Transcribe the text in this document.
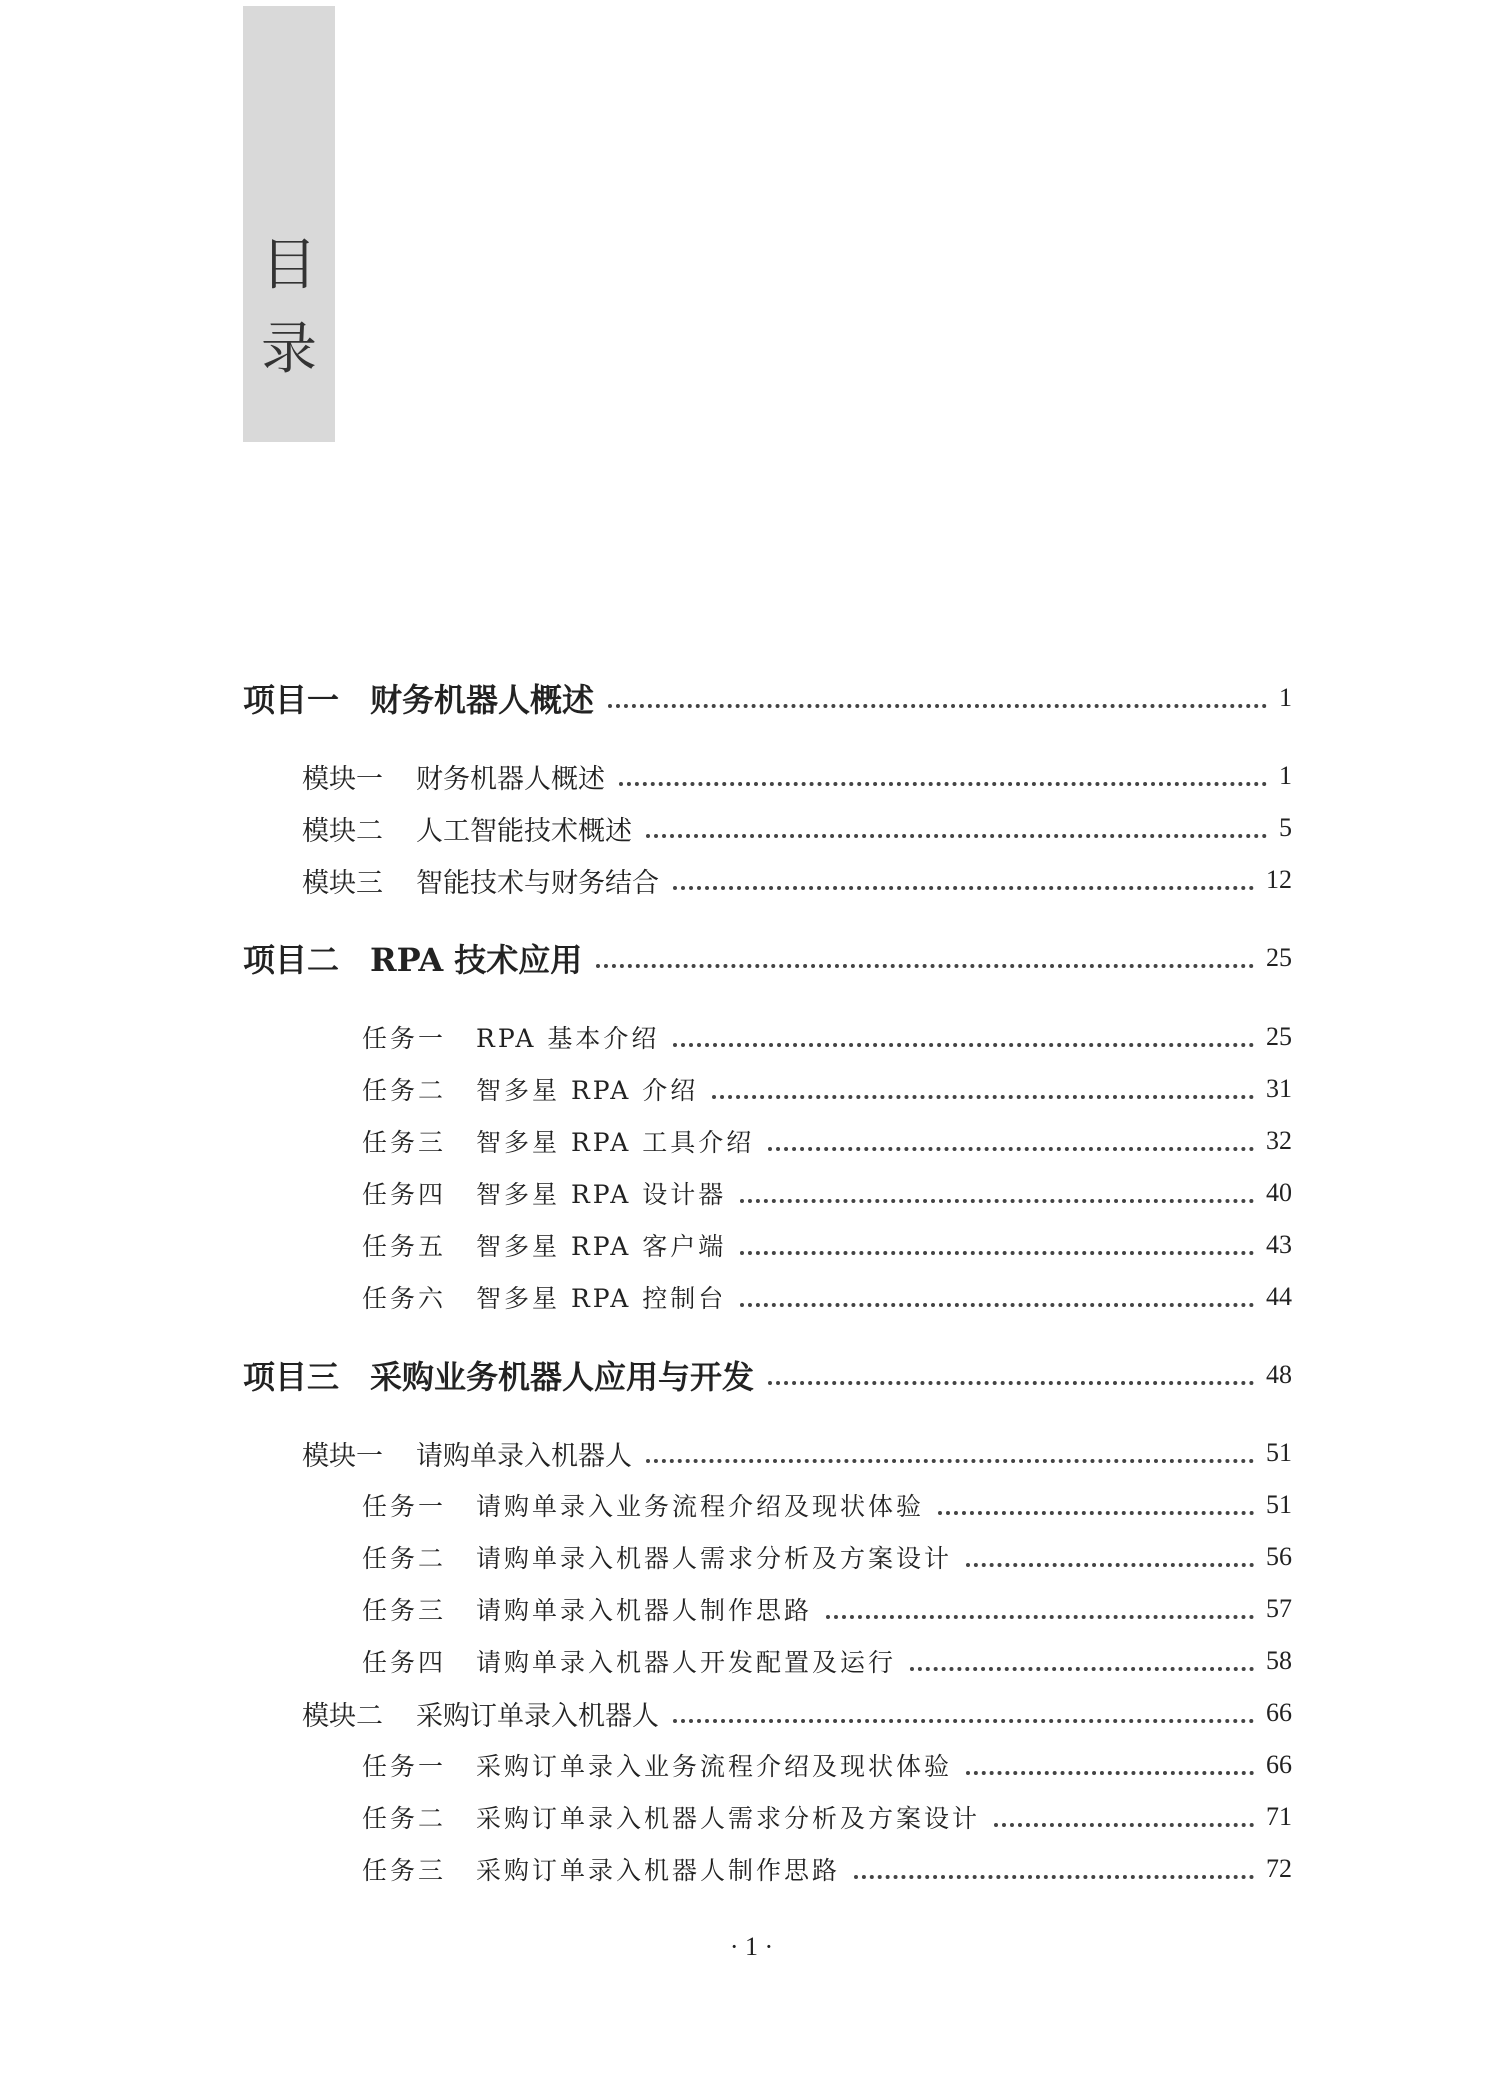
目
录
项目一 财务机器人概述	1
模块一	财务机器人概述	1
模块二	人工智能技术概述	5
模块三	智能技术与财务结合	12
项目二 RPA 技术应用	25
任务一	RPA 基本介绍	25
任务二	智多星 RPA 介绍	31
任务三	智多星 RPA 工具介绍	32
任务四	智多星 RPA 设计器	40
任务五	智多星 RPA 客户端	43
任务六	智多星 RPA 控制台	44
项目三 采购业务机器人应用与开发	48
模块一	请购单录入机器人	51
任务一	请购单录入业务流程介绍及现状体验	51
任务二	请购单录入机器人需求分析及方案设计	56
任务三	请购单录入机器人制作思路	57
任务四	请购单录入机器人开发配置及运行	58
模块二	采购订单录入机器人	66
任务一	采购订单录入业务流程介绍及现状体验	66
任务二	采购订单录入机器人需求分析及方案设计	71
任务三	采购订单录入机器人制作思路	72
· 1 ·
